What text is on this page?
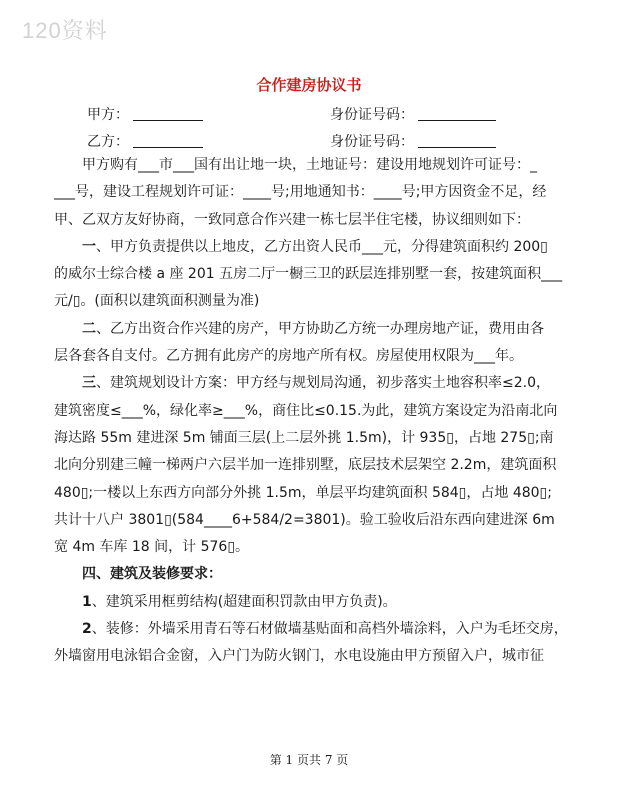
120资料
合作建房协议书
甲方：	身份证号码：
乙方：	身份证号码：
甲方购有___市___国有出让地一块，土地证号：建设用地规划许可证号：_
___号，建设工程规划许可证：____号;用地通知书：____号;甲方因资金不足，经
甲、乙双方友好协商，一致同意合作兴建一栋七层半住宅楼，协议细则如下：
一、甲方负责提供以上地皮，乙方出资人民币___元，分得建筑面积约 200▯
的威尔士综合楼 a 座 201 五房二厅一橱三卫的跃层连排别墅一套，按建筑面积___
元/▯。(面积以建筑面积测量为准)
二、乙方出资合作兴建的房产，甲方协助乙方统一办理房地产证，费用由各
层各套各自支付。乙方拥有此房产的房地产所有权。房屋使用权限为___年。
三、建筑规划设计方案：甲方经与规划局沟通，初步落实土地容积率≤2.0，
建筑密度≤___%，绿化率≥___%，商住比≤0.15.为此，建筑方案设定为沿南北向
海达路 55m 建进深 5m 铺面三层(上二层外挑 1.5m)，计 935▯，占地 275▯;南
北向分别建三幢一梯两户六层半加一连排别墅，底层技术层架空 2.2m，建筑面积
480▯;一楼以上东西方向部分外挑 1.5m，单层平均建筑面积 584▯，占地 480▯;
共计十八户 3801▯(584____6+584/2=3801)。验工验收后沿东西向建进深 6m
宽 4m 车库 18 间，计 576▯。
四、建筑及装修要求：
1、建筑采用框剪结构(超建面积罚款由甲方负责)。
2、装修：外墙采用青石等石材做墙基贴面和高档外墙涂料，入户为毛坯交房，
外墙窗用电泳铝合金窗，入户门为防火钢门，水电设施由甲方预留入户，城市征
第 1 页共 7 页
